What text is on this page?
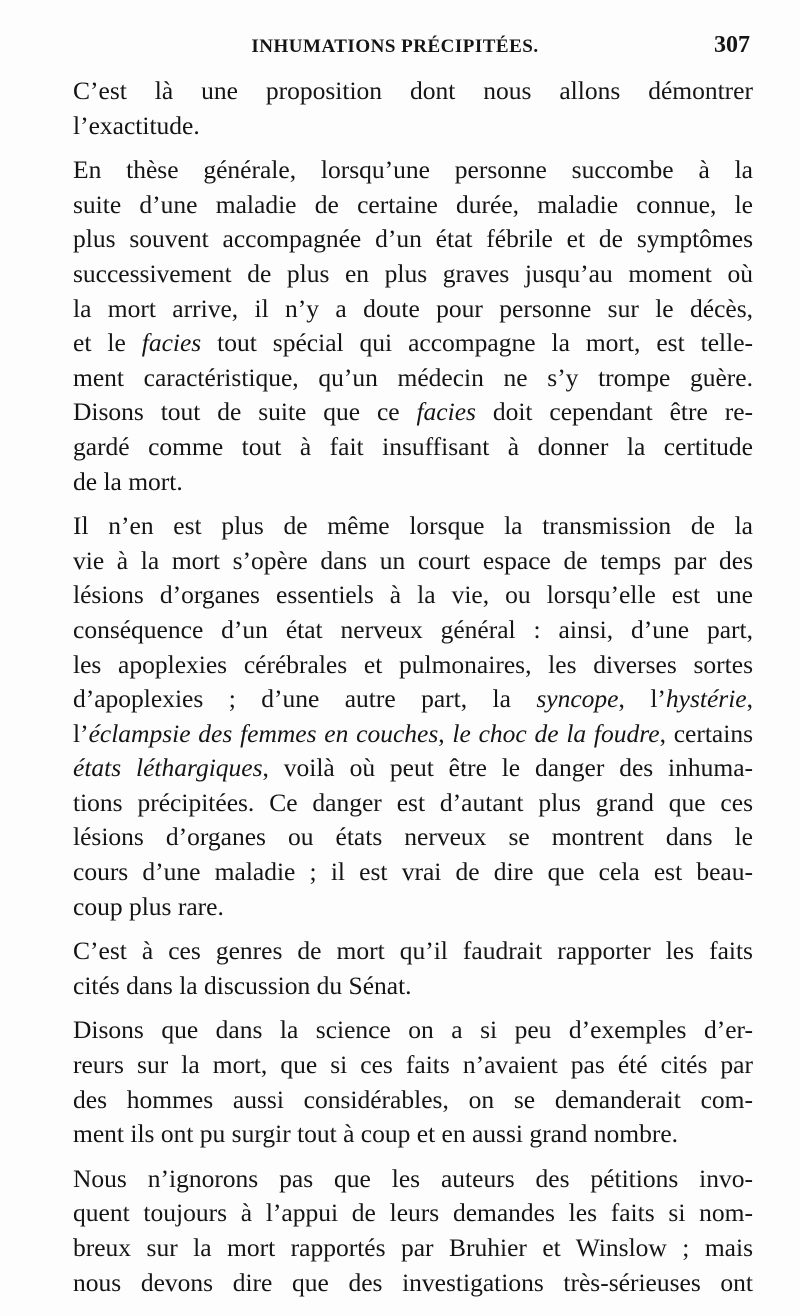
INHUMATIONS PRÉCIPITÉES.	307
C’est là une proposition dont nous allons démontrer
l’exactitude.
En thèse générale, lorsqu’une personne succombe à la
suite d’une maladie de certaine durée, maladie connue, le
plus souvent accompagnée d’un état fébrile et de symptômes
successivement de plus en plus graves jusqu’au moment où
la mort arrive, il n’y a doute pour personne sur le décès,
et le facies tout spécial qui accompagne la mort, est telle-
ment caractéristique, qu’un médecin ne s’y trompe guère.
Disons tout de suite que ce facies doit cependant être re-
gardé comme tout à fait insuffisant à donner la certitude
de la mort.
Il n’en est plus de même lorsque la transmission de la
vie à la mort s’opère dans un court espace de temps par des
lésions d’organes essentiels à la vie, ou lorsqu’elle est une
conséquence d’un état nerveux général : ainsi, d’une part,
les apoplexies cérébrales et pulmonaires, les diverses sortes
d’apoplexies ; d’une autre part, la syncope, l’hystérie,
l’éclampsie des femmes en couches, le choc de la foudre, certains
états léthargiques, voilà où peut être le danger des inhuma-
tions précipitées. Ce danger est d’autant plus grand que ces
lésions d’organes ou états nerveux se montrent dans le
cours d’une maladie ; il est vrai de dire que cela est beau-
coup plus rare.
C’est à ces genres de mort qu’il faudrait rapporter les faits
cités dans la discussion du Sénat.
Disons que dans la science on a si peu d’exemples d’er-
reurs sur la mort, que si ces faits n’avaient pas été cités par
des hommes aussi considérables, on se demanderait com-
ment ils ont pu surgir tout à coup et en aussi grand nombre.
Nous n’ignorons pas que les auteurs des pétitions invo-
quent toujours à l’appui de leurs demandes les faits si nom-
breux sur la mort rapportés par Bruhier et Winslow ; mais
nous devons dire que des investigations très-sérieuses ont
